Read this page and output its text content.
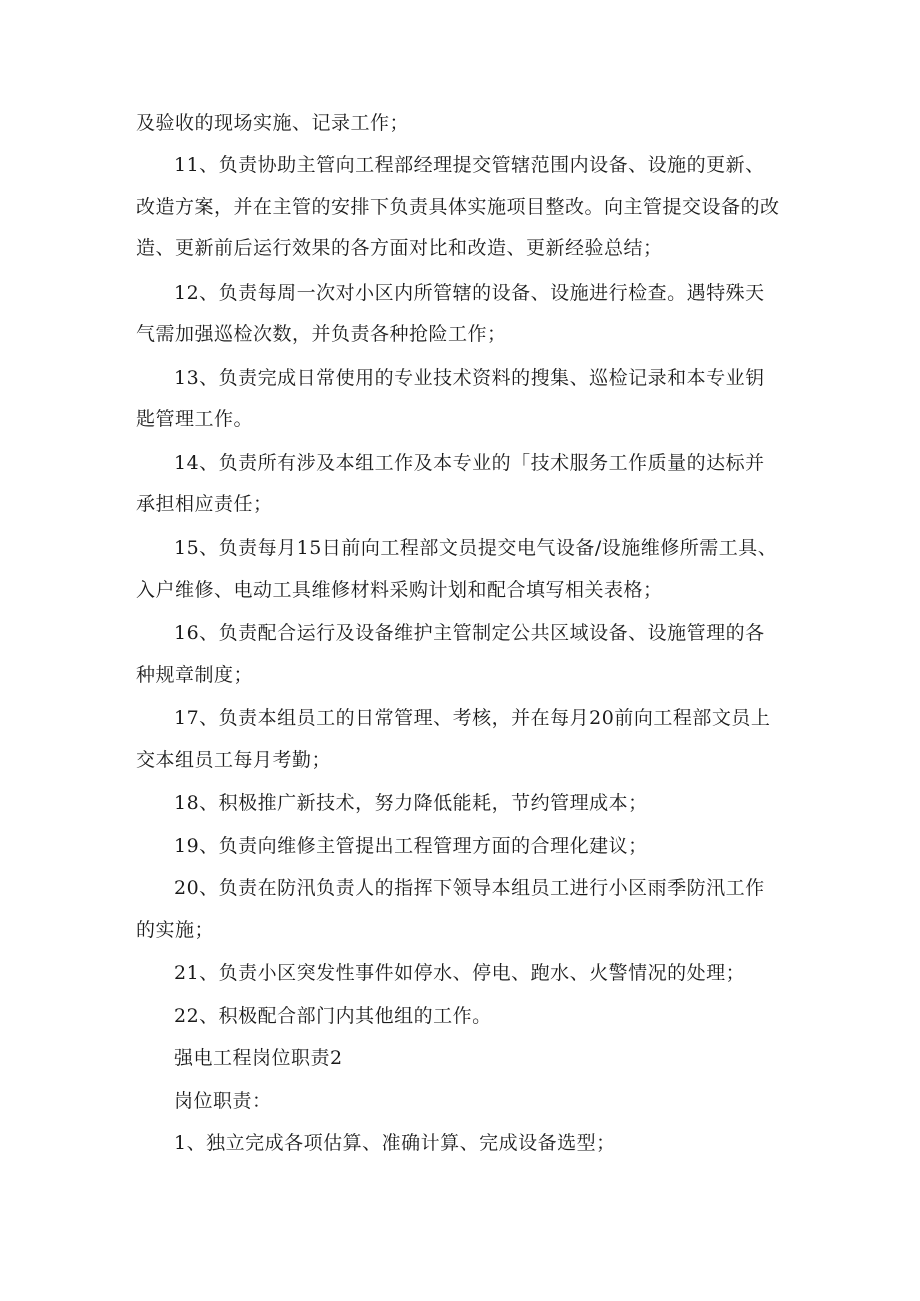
及验收的现场实施、记录工作；
11、负责协助主管向工程部经理提交管辖范围内设备、设施的更新、
改造方案，并在主管的安排下负责具体实施项目整改。向主管提交设备的改
造、更新前后运行效果的各方面对比和改造、更新经验总结；
12、负责每周一次对小区内所管辖的设备、设施进行检查。遇特殊天
气需加强巡检次数，并负责各种抢险工作；
13、负责完成日常使用的专业技术资料的搜集、巡检记录和本专业钥
匙管理工作。
14、负责所有涉及本组工作及本专业的「技术服务工作质量的达标并
承担相应责任；
15、负责每月15日前向工程部文员提交电气设备/设施维修所需工具、
入户维修、电动工具维修材料采购计划和配合填写相关表格；
16、负责配合运行及设备维护主管制定公共区域设备、设施管理的各
种规章制度；
17、负责本组员工的日常管理、考核，并在每月20前向工程部文员上
交本组员工每月考勤；
18、积极推广新技术，努力降低能耗，节约管理成本；
19、负责向维修主管提出工程管理方面的合理化建议；
20、负责在防汛负责人的指挥下领导本组员工进行小区雨季防汛工作
的实施；
21、负责小区突发性事件如停水、停电、跑水、火警情况的处理；
22、积极配合部门内其他组的工作。
强电工程岗位职责2
岗位职责：
1、独立完成各项估算、准确计算、完成设备选型；
